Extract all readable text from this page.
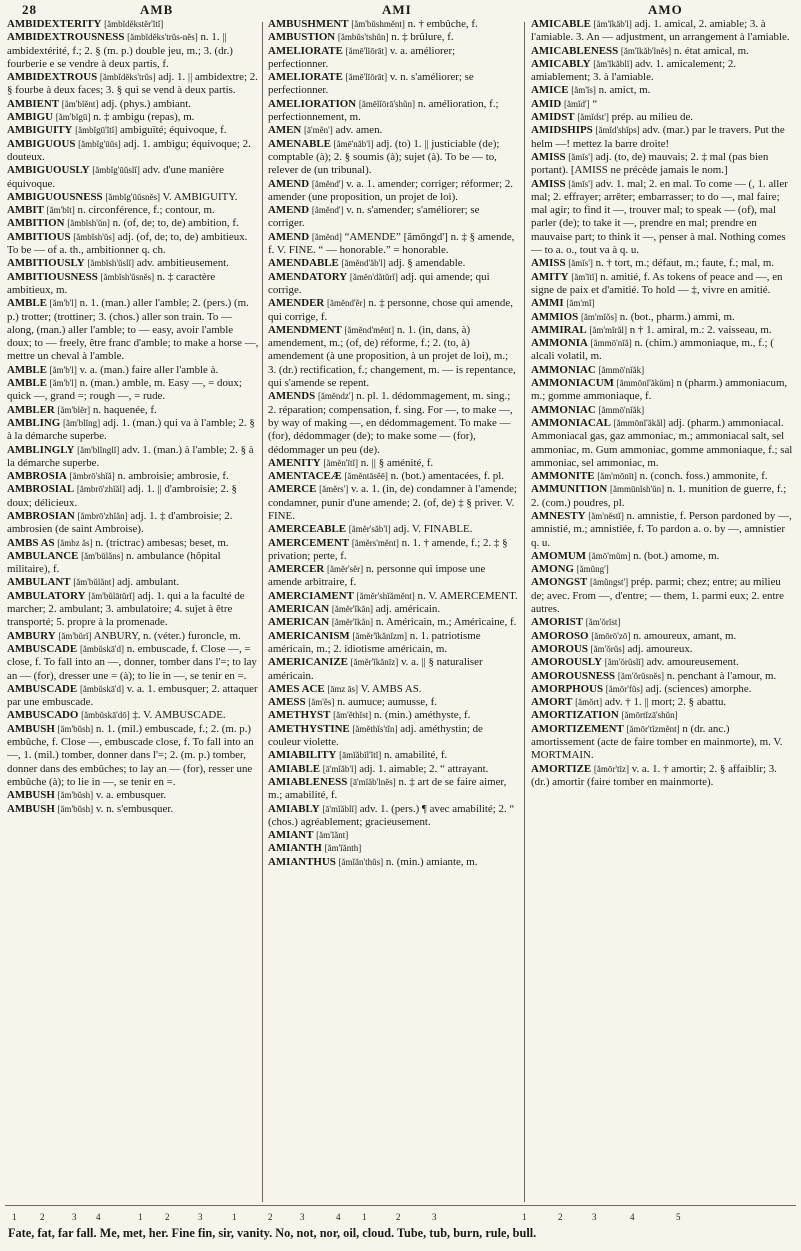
28	AMB	AMI	AMO

AMBIDEXTERITY [ămbĭdĕkstĕr'ĭtĭ]

AMBIDEXTROUSNESS [ămbĭdĕks'trŭs-nĕs] n. 1. || ambidextérité, f.; 2. § (m. p.) double jeu, m.; 3. (dr.) fourberie e se vendre à deux partis, f.

AMBIDEXTROUS [ămbĭdĕks'trŭs] adj. 1. || ambidextre; 2. § fourbe à deux faces; 3. § qui se vend à deux partis.

AMBIENT [ăm'bĭĕnt] adj. (phys.) ambiant.

AMBIGU [ăm'bĭgū] n. ‡ ambigu (repas), m.

AMBIGUITY [ămbĭgū'ĭtĭ] ambiguïté; équivoque, f.

AMBIGUOUS [ămbĭg'ūŭs] adj. 1. ambigu; équivoque; 2. douteux.

AMBIGUOUSLY [ămbĭg'ūŭslĭ] adv. d'une manière équivoque.

AMBIGUOUSNESS [ămbĭg'ūŭsnĕs] V. AMBIGUITY.

AMBIT [ăm'bĭt] n. circonférence, f.; contour, m.

AMBITION [ămbĭsh'ŭn] n. (of, de; to, de) ambition, f.

AMBITIOUS [ămbĭsh'ŭs] adj. (of, de; to, de) ambitieux. To be — of a. th., ambitionner q. ch.

AMBITIOUSLY [ămbĭsh'ŭslĭ] adv. ambitieusement.

AMBITIOUSNESS [ămbĭsh'ŭsnĕs] n. ‡ caractère ambitieux, m.

AMBLE [ăm'b'l] n. 1. (man.) aller l'amble; 2. (pers.) (m. p.) trotter; (trottiner; 3. (chos.) aller son train. To — along, (man.) aller l'amble; to — easy, avoir l'amble doux; to — freely, être franc d'amble; to make a horse —, mettre un cheval à l'amble.

AMBLE [ăm'b'l] v. a. (man.) faire aller l'amble à.

AMBLE [ăm'b'l] n. (man.) amble, m. Easy —, = doux; quick —, grand =; rough —, = rude.

AMBLER [ăm'blĕr] n. haquenée, f.

AMBLING [ăm'blĭng] adj. 1. (man.) qui va à l'amble; 2. § à la démarche superbe.

AMBLINGLY [ăm'blĭnglĭ] adv. 1. (man.) à l'amble; 2. § à la démarche superbe.

AMBROSIA [ămbrō'shĭă] n. ambroisie; ambrosie, f.

AMBROSIAL [ămbrō'zhĭăl] adj. 1. || d'ambroisie; 2. § doux; délicieux.

AMBROSIAN [ămbrō'zhĭăn] adj. 1. ‡ d'ambroisie; 2. ambrosien (de saint Ambroise).

AMBS AS [ămbz ăs] n. (trictrac) ambesas; beset, m.

AMBULANCE [ăm'bŭlăns] n. ambulance (hôpital militaire), f.

AMBULANT [ăm'bŭlănt] adj. ambulant.

AMBULATORY [ăm'bŭlātŭrĭ] adj. 1. qui a la faculté de marcher; 2. ambulant; 3. ambulatoire; 4. sujet à être transporté; 5. propre à la promenade.

AMBURY [ăm'bŭrĭ] ANBURY, n. (véter.) furoncle, m.

AMBUSCADE [ămbŭskā'd] n. embuscade, f. Close —, = close, f. To fall into an —, donner, tomber dans l'=; to lay an — (for), dresser une = (à); to lie in —, se tenir en =.

AMBUSCADE [ămbŭskā'd] v. a. 1. embusquer; 2. attaquer par une embuscade.

AMBUSCADO [ămbŭskā'dō] ‡. V. AMBUSCADE.

AMBUSH [ăm'bŭsh] n. 1. (mil.) embuscade, f.; 2. (m. p.) embûche, f. Close —, embuscade close, f. To fall into an —, 1. (mil.) tomber, donner dans l'=; 2. (m. p.) tomber, donner dans des embûches; to lay an — (for), resser une embûche (à); to lie in —, se tenir en =.

AMBUSH [ăm'bŭsh] v. a. embusquer.

AMBUSH [ăm'bŭsh] v. n. s'embusquer.

AMBUSHMENT [ăm'bŭshmĕnt] n. † embûche, f.

AMBUSTION [ămbŭs'tshŭn] n. ‡ brûlure, f.

AMELIORATE [ămē'lĭōrāt] v. a. améliorer; perfectionner.

AMELIORATE [ămē'lĭōrāt] v. n. s'améliorer; se perfectionner.

AMELIORATION [ămēlĭōrā'shŭn] n. amélioration, f.; perfectionnement, m.

AMEN [ā'mĕn'] adv. amen.

AMENABLE [ămē'năb'l] adj. (to) 1. || justiciable (de); comptable (à); 2. § soumis (à); sujet (à). To be — to, relever de (un tribunal).

AMEND [ămĕnd'] v. a. 1. amender; corriger; réformer; 2. amender (une proposition, un projet de loi).

AMEND [ămĕnd'] v. n. s'amender; s'améliorer; se corriger.

AMEND [ămĕnd] “AMENDE” [ămōngd'] n. ‡ § amende, f. V. FINE. “ — honorable.” = honorable.

AMENDABLE [ămĕnd'ăb'l] adj. § amendable.

AMENDATORY [ămĕn'dătŭrĭ] adj. qui amende; qui corrige.

AMENDER [ămĕnd'ĕr] n. ‡ personne, chose qui amende, qui corrige, f.

AMENDMENT [ămĕnd'mĕnt] n. 1. (in, dans, à) amendement, m.; (of, de) réforme, f.; 2. (to, à) amendement (à une proposition, à un projet de loi), m.; 3. (dr.) rectification, f.; changement, m. — is repentance, qui s'amende se repent.

AMENDS [ămĕndz'] n. pl. 1. dédommagement, m. sing.; 2. réparation; compensation, f. sing. For —, to make —, by way of making —, en dédommagement. To make — (for), dédommager (de); to make some — (for), dédommager un peu (de).

AMENITY [ămĕn'ĭtĭ] n. || § aménité, f.

AMENTACEÆ [ămĕntāsĕē] n. (bot.) amentacées, f. pl.

AMERCE [ămĕrs'] v. a. 1. (in, de) condamner à l'amende; condamner, punir d'une amende; 2. (of, de) ‡ § priver. V. FINE.

AMERCEABLE [ămĕr'săb'l] adj. V. FINABLE.

AMERCEMENT [ămĕrs'mĕnt] n. 1. † amende, f.; 2. ‡ § privation; perte, f.

AMERCER [ămĕr'sĕr] n. personne qui impose une amende arbitraire, f.

AMERCIAMENT [ămĕr'shĭămĕnt] n. V. AMERCEMENT.

AMERICAN [ămĕr'ĭkăn] adj. américain.

AMERICAN [ămĕr'ĭkăn] n. Américain, m.; Américaine, f.

AMERICANISM [ămĕr'ĭkănĭzm] n. 1. patriotisme américain, m.; 2. idiotisme américain, m.

AMERICANIZE [ămĕr'ĭkănīz] v. a. || § naturaliser américain.

AMES ACE [āmz ās] V. AMBS AS.

AMESS [ăm'ĕs] n. aumuce; aumusse, f.

AMETHYST [ăm'ĕthĭst] n. (min.) améthyste, f.

AMETHYSTINE [ămĕthĭs'tĭn] adj. améthystin; de couleur violette.

AMIABILITY [āmĭăbĭl'ĭtĭ] n. amabilité, f.

AMIABLE [ā'mĭăb'l] adj. 1. aimable; 2. “ attrayant.

AMIABLENESS [ā'mĭăb'lnĕs] n. ‡ art de se faire aimer, m.; amabilité, f.

AMIABLY [ā'mĭăblĭ] adv. 1. (pers.) ¶ avec amabilité; 2. “ (chos.) agréablement; gracieusement.

AMIANT [ăm'ĭănt]

AMIANTH [ăm'ĭănth]

AMIANTHUS [ămĭăn'thŭs] n. (min.) amiante, m.

AMICABLE [ăm'ĭkăb'l] adj. 1. amical, 2. amiable; 3. à l'amiable. 3. An — adjustment, un arrangement à l'amiable.

AMICABLENESS [ăm'ĭkăb'lnĕs] n. état amical, m.

AMICABLY [ăm'ĭkăblĭ] adv. 1. amicalement; 2. amiablement; 3. à l'amiable.

AMICE [ăm'ĭs] n. amict, m.

AMID [ămĭd'] “

AMIDST [ămĭdst'] prép. au milieu de.

AMIDSHIPS [ămĭd'shĭps] adv. (mar.) par le travers. Put the helm —! mettez la barre droite!

AMISS [ămĭs'] adj. (to, de) mauvais; 2. ‡ mal (pas bien portant). [AMISS ne précède jamais le nom.]

AMISS [ămĭs'] adv. 1. mal; 2. en mal. To come — (, 1. aller mal; 2. effrayer; arrêter; embarrasser; to do —, mal faire; mal agir; to find it —, trouver mal; to speak — (of), mal parler (de); to take it —, prendre en mal; prendre en mauvaise part; to think it —, penser à mal. Nothing comes — to a. o., tout va à q. u.

AMISS [ămĭs'] n. † tort, m.; défaut, m.; faute, f.; mal, m.

AMITY [ăm'ĭtĭ] n. amitié, f. As tokens of peace and —, en signe de paix et d'amitié. To hold — ‡, vivre en amitié.

AMMI [ăm'mĭ]

AMMIOS [ăm'mĭŏs] n. (bot., pharm.) ammi, m.

AMMIRAL [ăm'mĭrăl] n † 1. amiral, m.: 2. vaisseau, m.

AMMONIA [ămmō'nĭă] n. (chim.) ammoniaque, m., f.; ( alcali volatil, m.

AMMONIAC [ămmō'nĭăk]

AMMONIACUM [ămmōnĭ'ăkŭm] n (pharm.) ammoniacum, m.; gomme ammoniaque, f.

AMMONIAC [ămmō'nĭăk]

AMMONIACAL [ămmōnĭ'ăkăl] adj. (pharm.) ammoniacal. Ammoniacal gas, gaz ammoniac, m.; ammoniacal salt, sel ammoniac, m. Gum ammoniac, gomme ammoniaque, f.; sal ammoniac, sel ammoniac, m.

AMMONITE [ăm'mōnīt] n. (conch. foss.) ammonite, f.

AMMUNITION [ămmūnĭsh'ŭn] n. 1. munition de guerre, f.; 2. (com.) poudres, pl.

AMNESTY [ăm'nĕstĭ] n. amnistie, f. Person pardoned by —, amnistié, m.; amnistiée, f. To pardon a. o. by —, amnistier q. u.

AMOMUM [ămō'mŭm] n. (bot.) amome, m.

AMONG [ămŭng']

AMONGST [ămŭngst'] prép. parmi; chez; entre; au milieu de; avec. From —, d'entre; — them, 1. parmi eux; 2. entre autres.

AMORIST [ăm'ŏrĭst]

AMOROSO [ămōrō'zō] n. amoureux, amant, m.

AMOROUS [ăm'ŏrŭs] adj. amoureux.

AMOROUSLY [ăm'ŏrŭslĭ] adv. amoureusement.

AMOROUSNESS [ăm'ŏrŭsnĕs] n. penchant à l'amour, m.

AMORPHOUS [ămōr'fŭs] adj. (sciences) amorphe.

AMORT [ămŏrt] adv. † 1. || mort; 2. § abattu.

AMORTIZATION [ămōrtĭzā'shŭn]

AMORTIZEMENT [ămōr'tĭzmĕnt] n (dr. anc.) amortissement (acte de faire tomber en mainmorte), m. V. MORTMAIN.

AMORTIZE [ămōr'tīz] v. a. 1. † amortir; 2. § affaiblir; 3. (dr.) amortir (faire tomber en mainmorte).

1	2	3 4	1	2	3	1	2	3	4 1	2	3	1	2	3	4	5
Fate, fat, far fall. Me, met, her. Fine fin, sir, vanity. No, not, nor, oil, cloud. Tube, tub, burn, rule, bull.
